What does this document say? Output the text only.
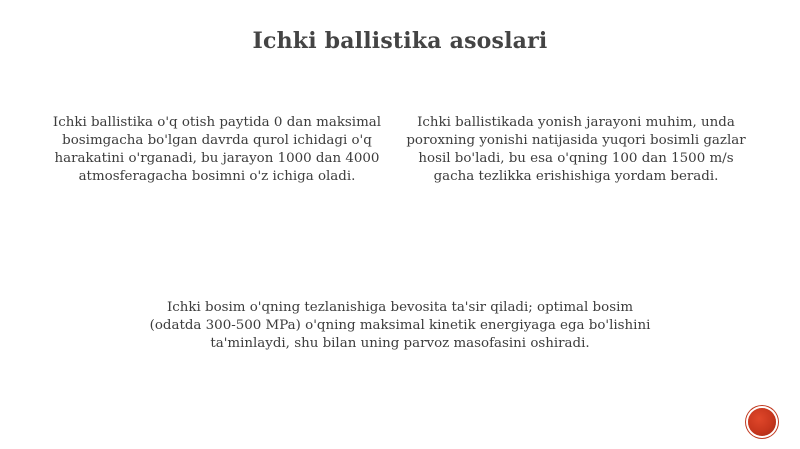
Ichki ballistika asoslari
Ichki ballistika o'q otish paytida 0 dan maksimal bosimgacha bo'lgan davrda qurol ichidagi o'q harakatini o'rganadi, bu jarayon 1000 dan 4000 atmosferagacha bosimni o'z ichiga oladi.
Ichki ballistikada yonish jarayoni muhim, unda poroxning yonishi natijasida yuqori bosimli gazlar hosil bo'ladi, bu esa o'qning 100 dan 1500 m/s gacha tezlikka erishishiga yordam beradi.
Ichki bosim o'qning tezlanishiga bevosita ta'sir qiladi; optimal bosim (odatda 300-500 MPa) o'qning maksimal kinetik energiyaga ega bo'lishini ta'minlaydi, shu bilan uning parvoz masofasini oshiradi.
